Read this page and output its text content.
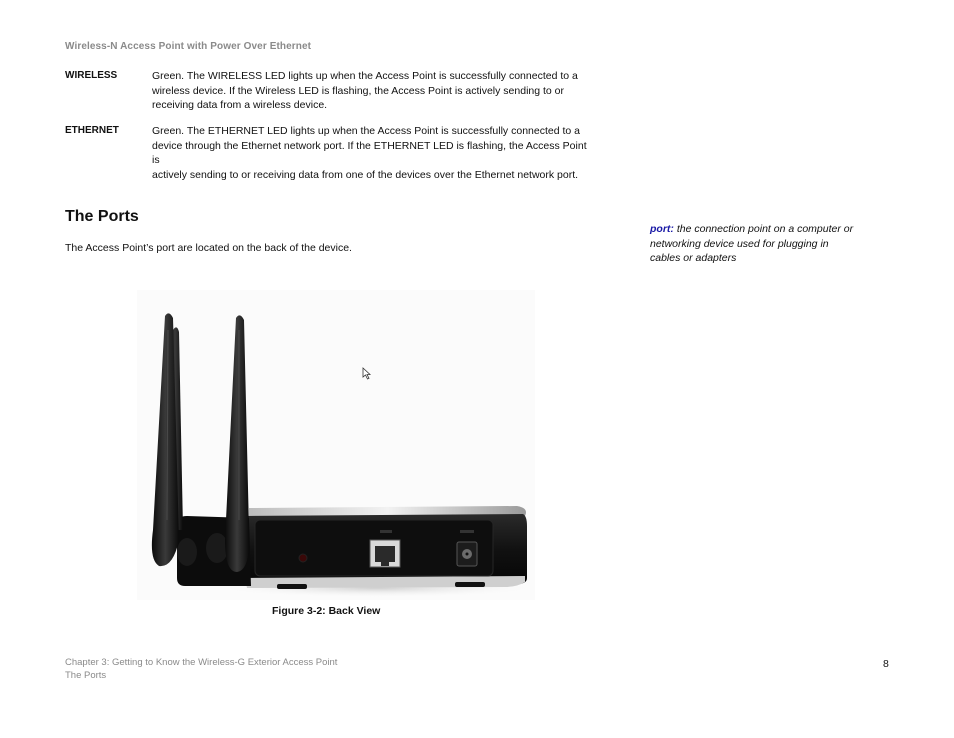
Wireless-N Access Point with Power Over Ethernet
WIRELESS	Green. The WIRELESS LED lights up when the Access Point is successfully connected to a
wireless device. If the Wireless LED is flashing, the Access Point is actively sending to or
receiving data from a wireless device.
ETHERNET	Green. The ETHERNET LED lights up when the Access Point is successfully connected to a
device through the Ethernet network port. If the ETHERNET LED is flashing, the Access Point is
actively sending to or receiving data from one of the devices over the Ethernet network port.
The Ports
The Access Point’s port are located on the back of the device.
port: the connection point on a computer or
networking device used for plugging in
cables or adapters
Figure 3-2: Back View
Chapter 3: Getting to Know the Wireless-G Exterior Access Point
The Ports
8
